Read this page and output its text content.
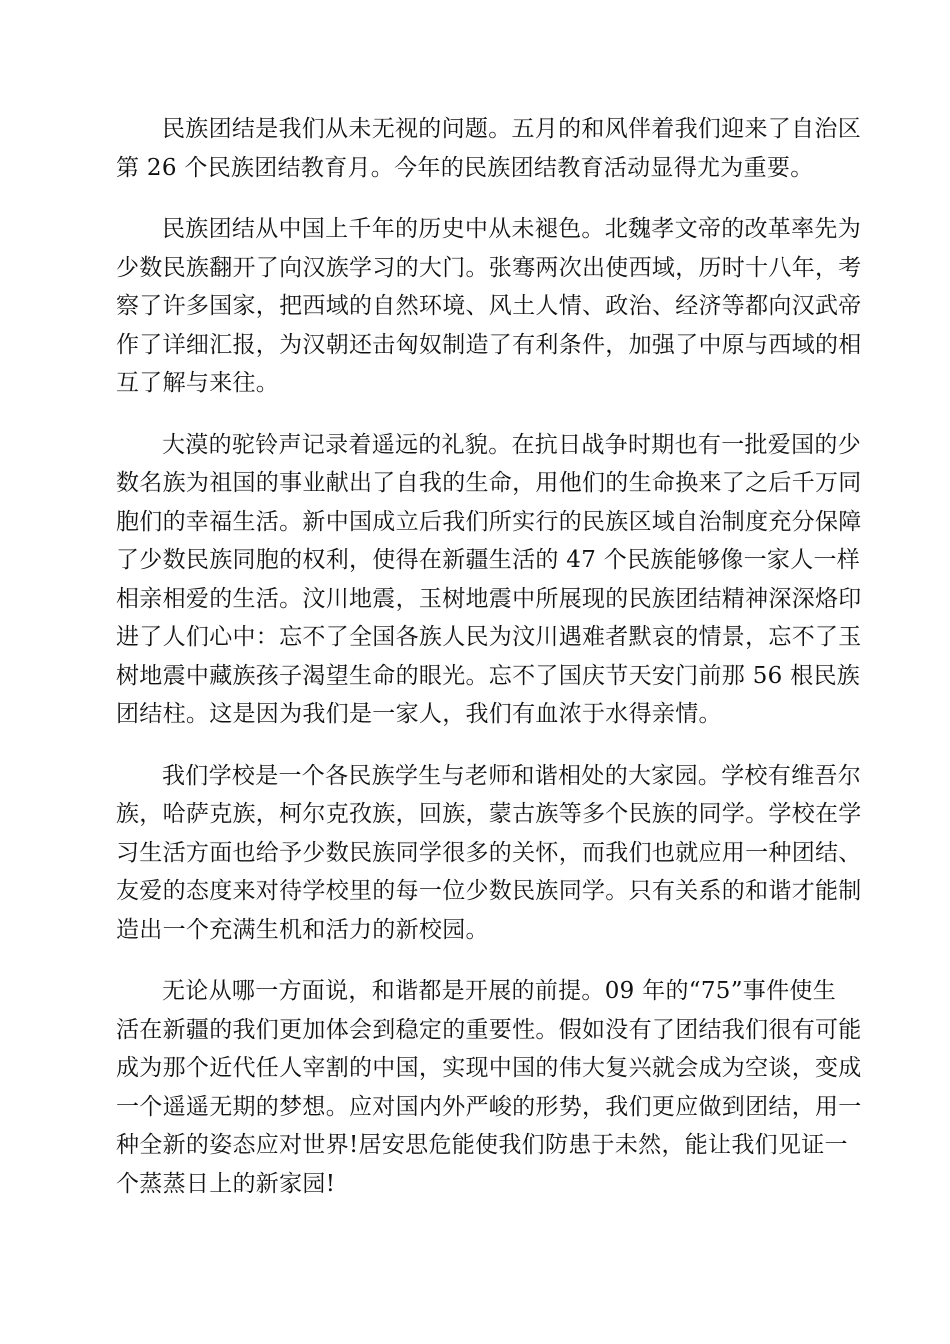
民族团结是我们从未无视的问题。五月的和风伴着我们迎来了自治区
第 26 个民族团结教育月。今年的民族团结教育活动显得尤为重要。
民族团结从中国上千年的历史中从未褪色。北魏孝文帝的改革率先为
少数民族翻开了向汉族学习的大门。张骞两次出使西域，历时十八年，考
察了许多国家，把西域的自然环境、风土人情、政治、经济等都向汉武帝
作了详细汇报，为汉朝还击匈奴制造了有利条件，加强了中原与西域的相
互了解与来往。
大漠的驼铃声记录着遥远的礼貌。在抗日战争时期也有一批爱国的少
数名族为祖国的事业献出了自我的生命，用他们的生命换来了之后千万同
胞们的幸福生活。新中国成立后我们所实行的民族区域自治制度充分保障
了少数民族同胞的权利，使得在新疆生活的 47 个民族能够像一家人一样
相亲相爱的生活。汶川地震，玉树地震中所展现的民族团结精神深深烙印
进了人们心中：忘不了全国各族人民为汶川遇难者默哀的情景，忘不了玉
树地震中藏族孩子渴望生命的眼光。忘不了国庆节天安门前那 56 根民族
团结柱。这是因为我们是一家人，我们有血浓于水得亲情。
我们学校是一个各民族学生与老师和谐相处的大家园。学校有维吾尔
族，哈萨克族，柯尔克孜族，回族，蒙古族等多个民族的同学。学校在学
习生活方面也给予少数民族同学很多的关怀，而我们也就应用一种团结、
友爱的态度来对待学校里的每一位少数民族同学。只有关系的和谐才能制
造出一个充满生机和活力的新校园。
无论从哪一方面说，和谐都是开展的前提。09 年的“75”事件使生
活在新疆的我们更加体会到稳定的重要性。假如没有了团结我们很有可能
成为那个近代任人宰割的中国，实现中国的伟大复兴就会成为空谈，变成
一个遥遥无期的梦想。应对国内外严峻的形势，我们更应做到团结，用一
种全新的姿态应对世界!居安思危能使我们防患于未然，能让我们见证一
个蒸蒸日上的新家园!
